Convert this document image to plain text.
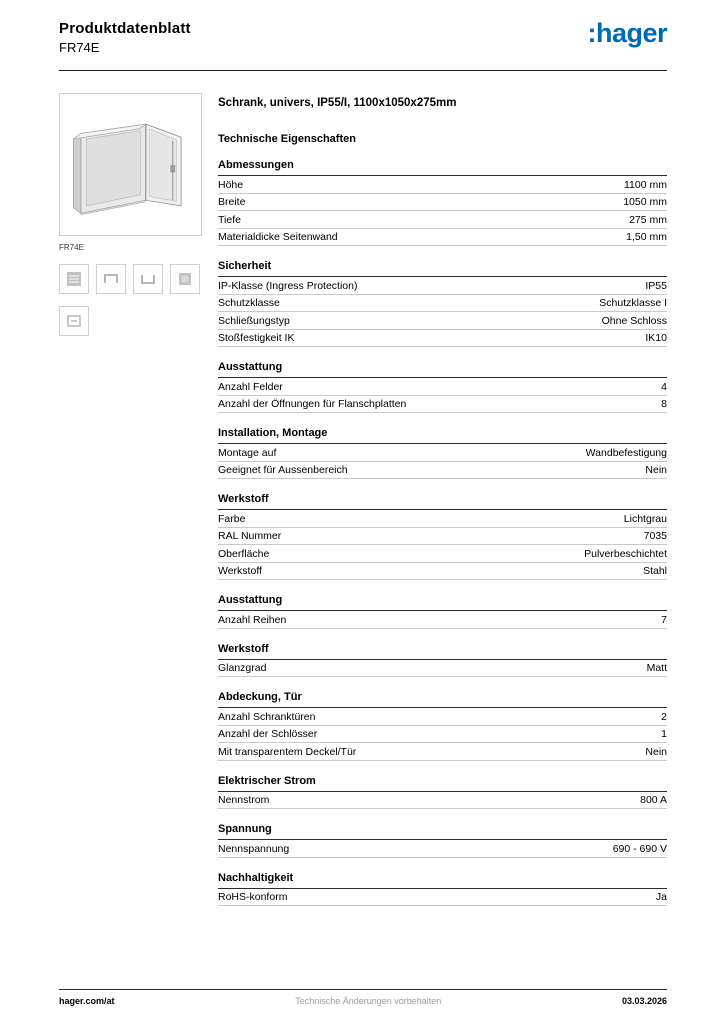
Produktdatenblatt
FR74E	:hager
FR74E
Schrank, univers, IP55/I, 1100x1050x275mm
Technische Eigenschaften
Abmessungen
Höhe	1100 mm
Breite	1050 mm
Tiefe	275 mm
Materialdicke Seitenwand	1,50 mm
Sicherheit
IP-Klasse (Ingress Protection)	IP55
Schutzklasse	Schutzklasse I
Schließungstyp	Ohne Schloss
Stoßfestigkeit IK	IK10
Ausstattung
Anzahl Felder	4
Anzahl der Öffnungen für Flanschplatten	8
Installation, Montage
Montage auf	Wandbefestigung
Geeignet für Aussenbereich	Nein
Werkstoff
Farbe	Lichtgrau
RAL Nummer	7035
Oberfläche	Pulverbeschichtet
Werkstoff	Stahl
Ausstattung
Anzahl Reihen	7
Werkstoff
Glanzgrad	Matt
Abdeckung, Tür
Anzahl Schranktüren	2
Anzahl der Schlösser	1
Mit transparentem Deckel/Tür	Nein
Elektrischer Strom
Nennstrom	800 A
Spannung
Nennspannung	690 - 690 V
Nachhaltigkeit
RoHS-konform	Ja
hager.com/at	Technische Änderungen vorbehalten	03.03.2026
